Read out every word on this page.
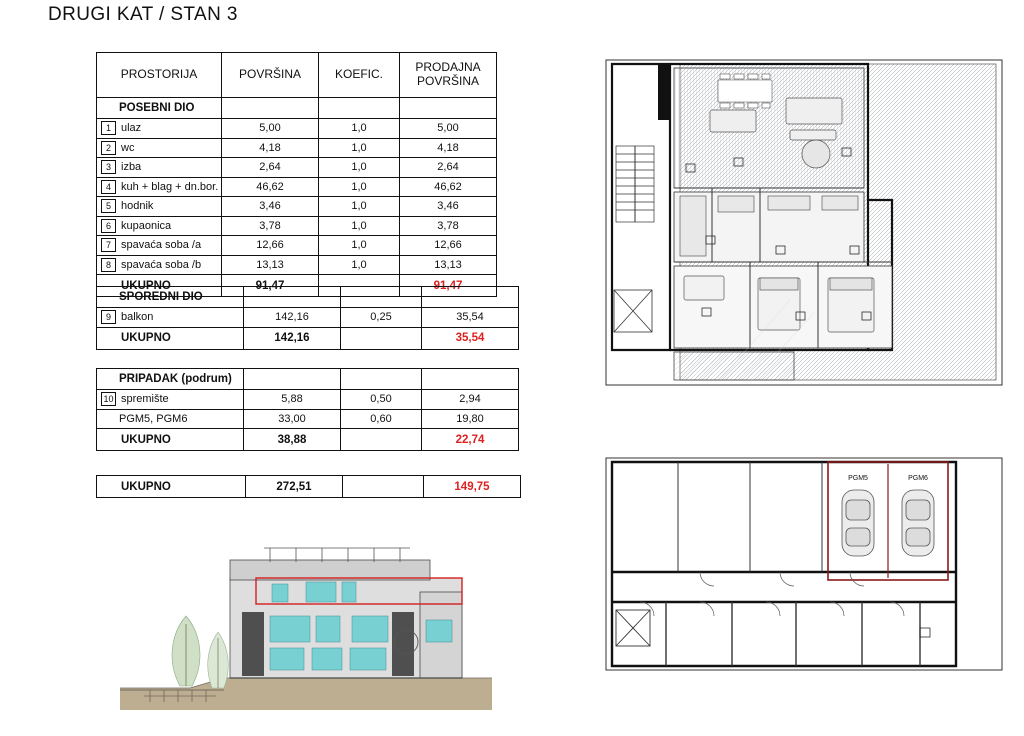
DRUGI KAT / STAN 3
PROSTORIJA	POVRŠINA	KOEFIC.	PRODAJNA
POVRŠINA

POSEBNI DIO			
1 ulaz	5,00	1,0	5,00
2 wc	4,18	1,0	4,18
3 izba	2,64	1,0	2,64
4 kuh + blag + dn.bor.	46,62	1,0	46,62
5 hodnik	3,46	1,0	3,46
6 kupaonica	3,78	1,0	3,78
7 spavaća soba /a	12,66	1,0	12,66
8 spavaća soba /b	13,13	1,0	13,13
UKUPNO	91,47		91,47
SPOREDNI DIO			
9 balkon	142,16	0,25	35,54
UKUPNO	142,16		35,54
PRIPADAK (podrum)			
10 spremište	5,88	0,50	2,94
PGM5, PGM6	33,00	0,60	19,80
UKUPNO	38,88		22,74
UKUPNO	272,51		149,75
PGM5	PGM6
